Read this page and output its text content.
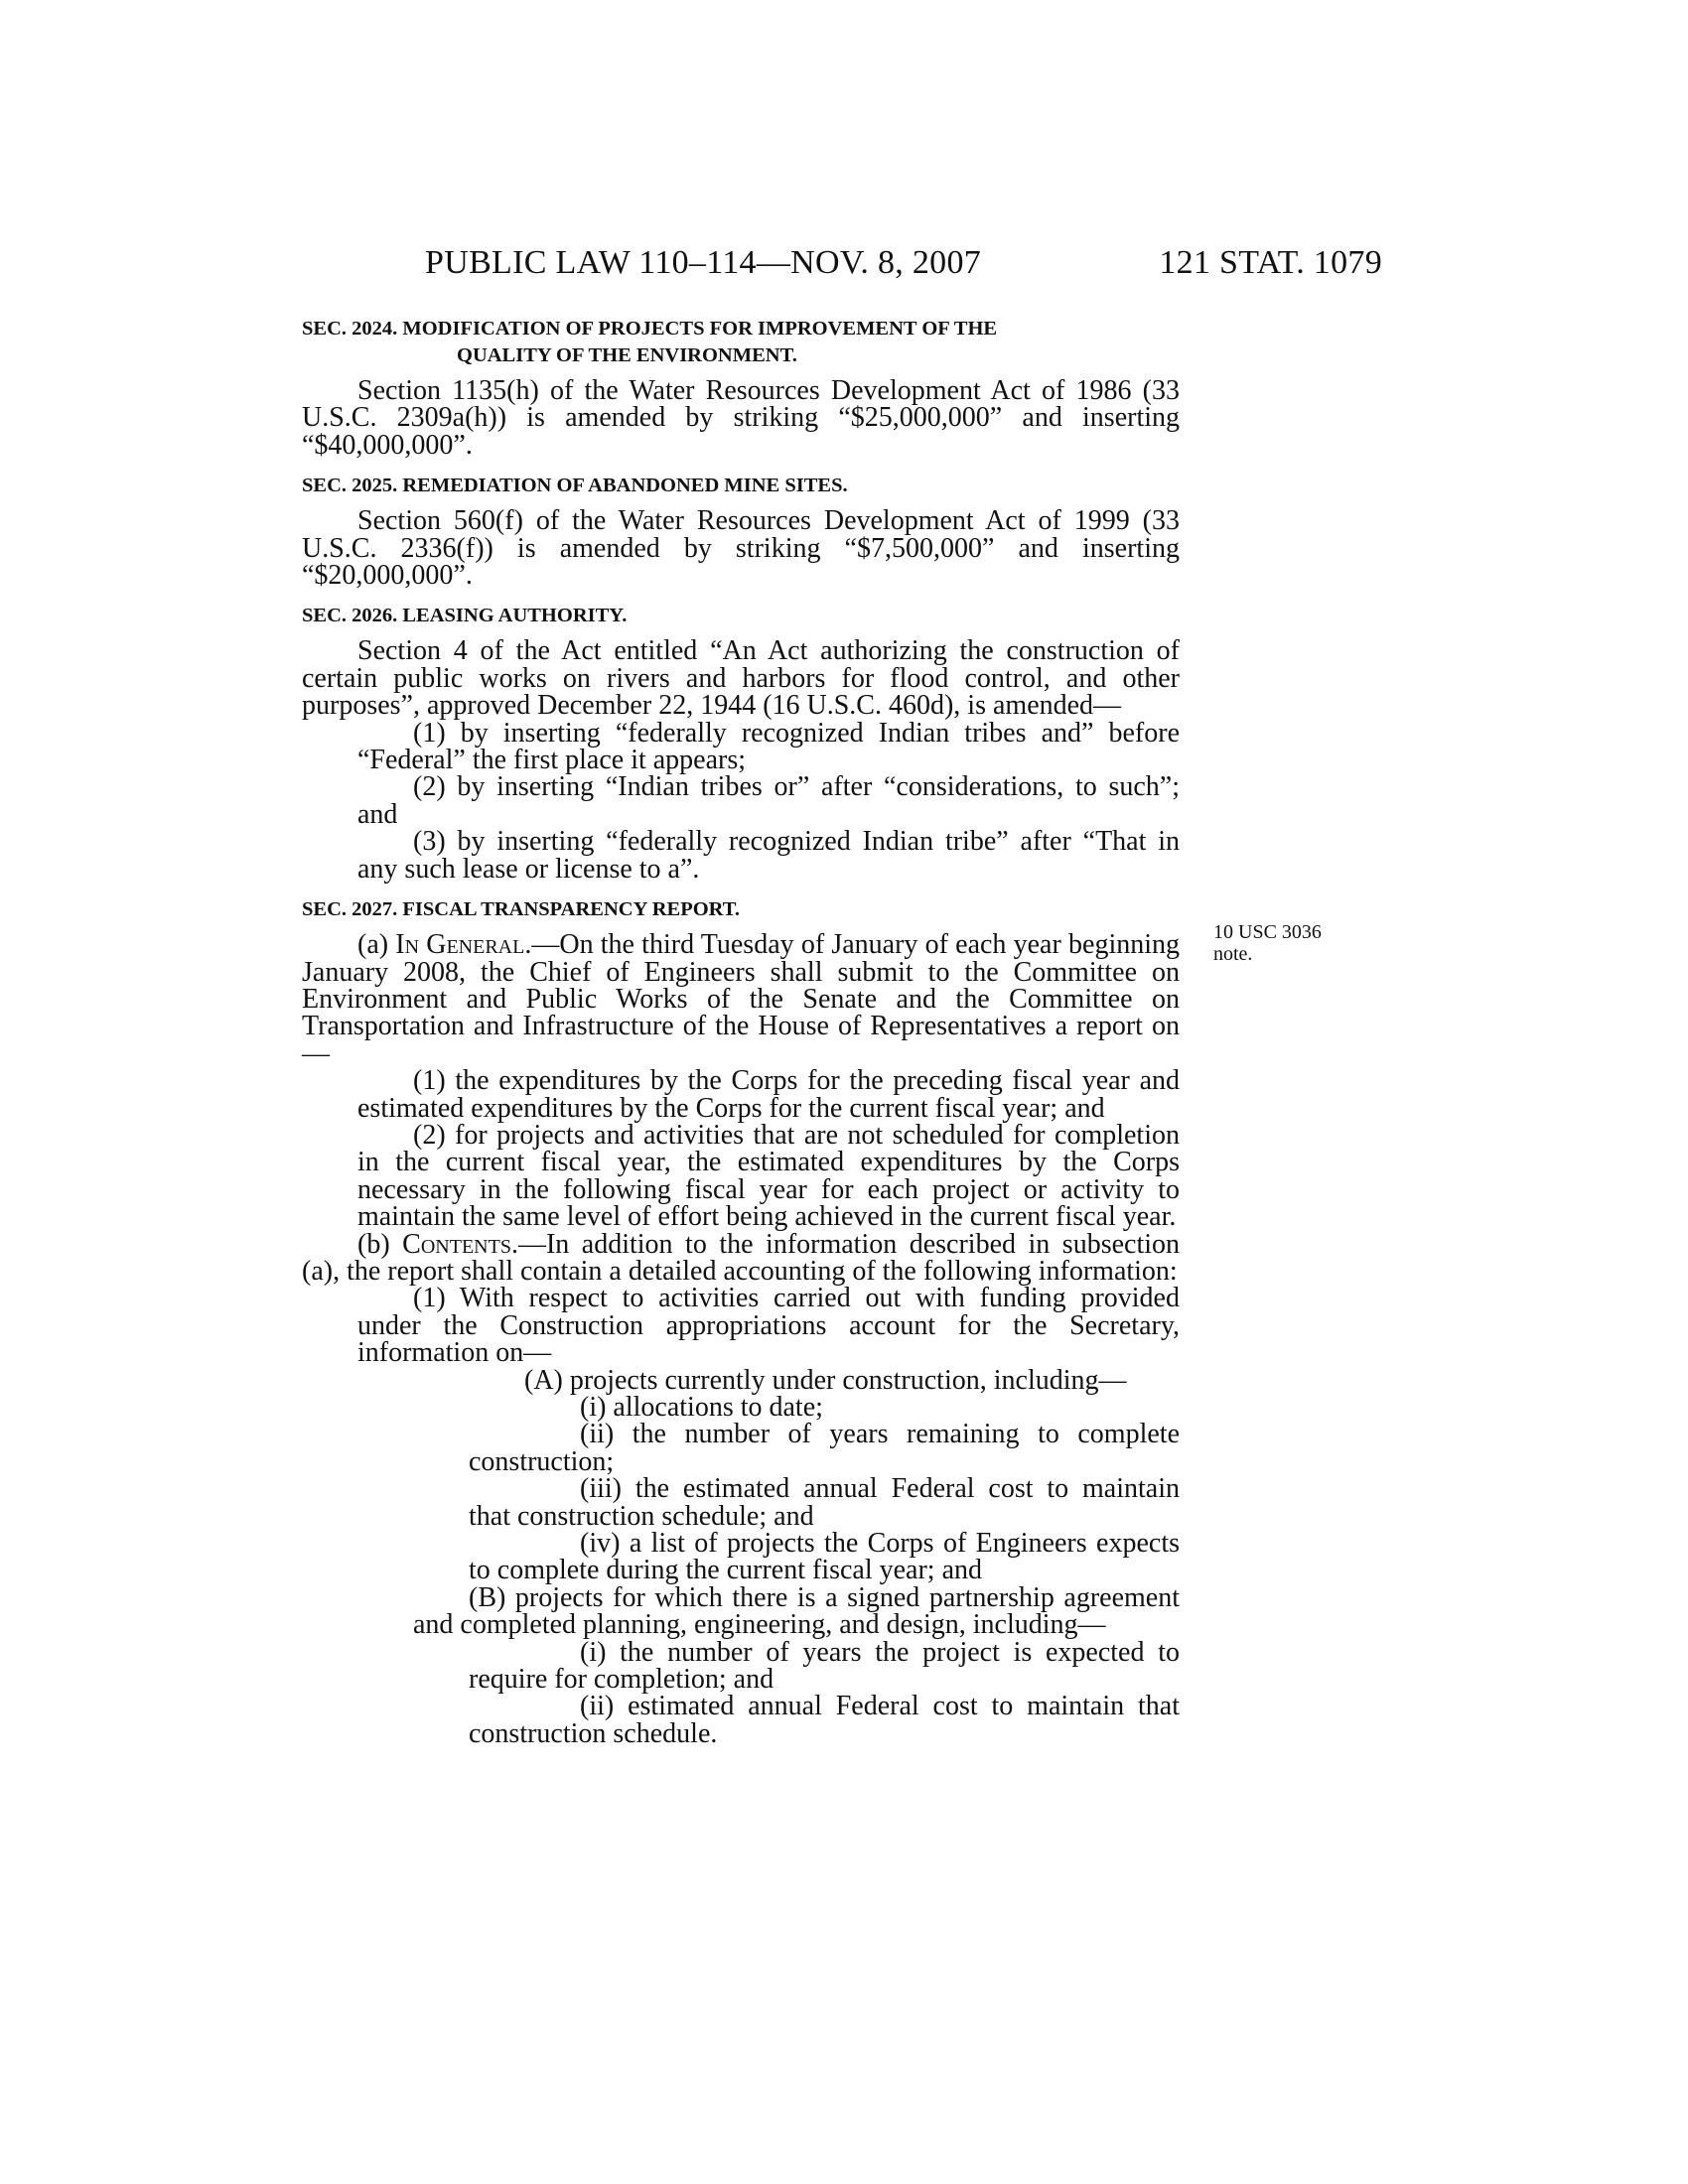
PUBLIC LAW 110–114—NOV. 8, 2007	121 STAT. 1079
10 USC 3036
note.
SEC. 2024. MODIFICATION OF PROJECTS FOR IMPROVEMENT OF THE
QUALITY OF THE ENVIRONMENT.

Section 1135(h) of the Water Resources Development Act of 1986 (33 U.S.C. 2309a(h)) is amended by striking “$25,000,000” and inserting “$40,000,000”.

SEC. 2025. REMEDIATION OF ABANDONED MINE SITES.

Section 560(f) of the Water Resources Development Act of 1999 (33 U.S.C. 2336(f)) is amended by striking “$7,500,000” and inserting “$20,000,000”.

SEC. 2026. LEASING AUTHORITY.

Section 4 of the Act entitled “An Act authorizing the construction of certain public works on rivers and harbors for flood control, and other purposes”, approved December 22, 1944 (16 U.S.C. 460d), is amended—

(1) by inserting “federally recognized Indian tribes and” before “Federal” the first place it appears;

(2) by inserting “Indian tribes or” after “considerations, to such”; and

(3) by inserting “federally recognized Indian tribe” after “That in any such lease or license to a”.

SEC. 2027. FISCAL TRANSPARENCY REPORT.

(a) In General.—On the third Tuesday of January of each year beginning January 2008, the Chief of Engineers shall submit to the Committee on Environment and Public Works of the Senate and the Committee on Transportation and Infrastructure of the House of Representatives a report on—

(1) the expenditures by the Corps for the preceding fiscal year and estimated expenditures by the Corps for the current fiscal year; and

(2) for projects and activities that are not scheduled for completion in the current fiscal year, the estimated expenditures by the Corps necessary in the following fiscal year for each project or activity to maintain the same level of effort being achieved in the current fiscal year.

(b) Contents.—In addition to the information described in subsection (a), the report shall contain a detailed accounting of the following information:

(1) With respect to activities carried out with funding provided under the Construction appropriations account for the Secretary, information on—

(A) projects currently under construction, including—

(i) allocations to date;

(ii) the number of years remaining to complete construction;

(iii) the estimated annual Federal cost to maintain that construction schedule; and

(iv) a list of projects the Corps of Engineers expects to complete during the current fiscal year; and

(B) projects for which there is a signed partnership agreement and completed planning, engineering, and design, including—

(i) the number of years the project is expected to require for completion; and

(ii) estimated annual Federal cost to maintain that construction schedule.
